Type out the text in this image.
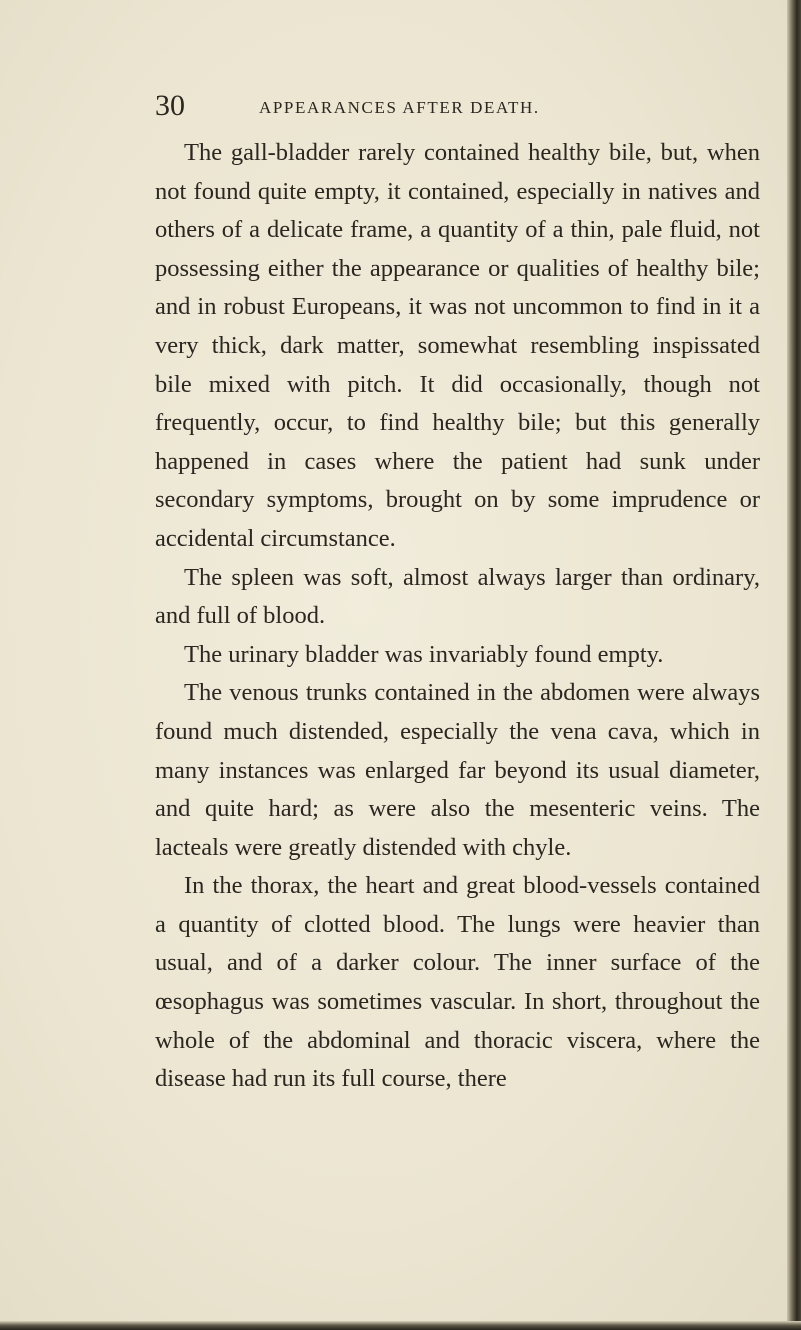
30	APPEARANCES AFTER DEATH.

The gall-bladder rarely contained healthy bile, but, when not found quite empty, it contained, especially in natives and others of a delicate frame, a quantity of a thin, pale fluid, not possessing either the appearance or qualities of healthy bile; and in robust Europeans, it was not uncommon to find in it a very thick, dark matter, somewhat resembling inspissated bile mixed with pitch. It did occasionally, though not frequently, occur, to find healthy bile; but this generally happened in cases where the patient had sunk under secondary symptoms, brought on by some imprudence or accidental circumstance.

The spleen was soft, almost always larger than ordinary, and full of blood.

The urinary bladder was invariably found empty.

The venous trunks contained in the abdomen were always found much distended, especially the vena cava, which in many instances was enlarged far beyond its usual diameter, and quite hard; as were also the mesenteric veins. The lacteals were greatly distended with chyle.

In the thorax, the heart and great blood-vessels contained a quantity of clotted blood. The lungs were heavier than usual, and of a darker colour. The inner surface of the œsophagus was sometimes vascular. In short, throughout the whole of the abdominal and thoracic viscera, where the disease had run its full course, there
